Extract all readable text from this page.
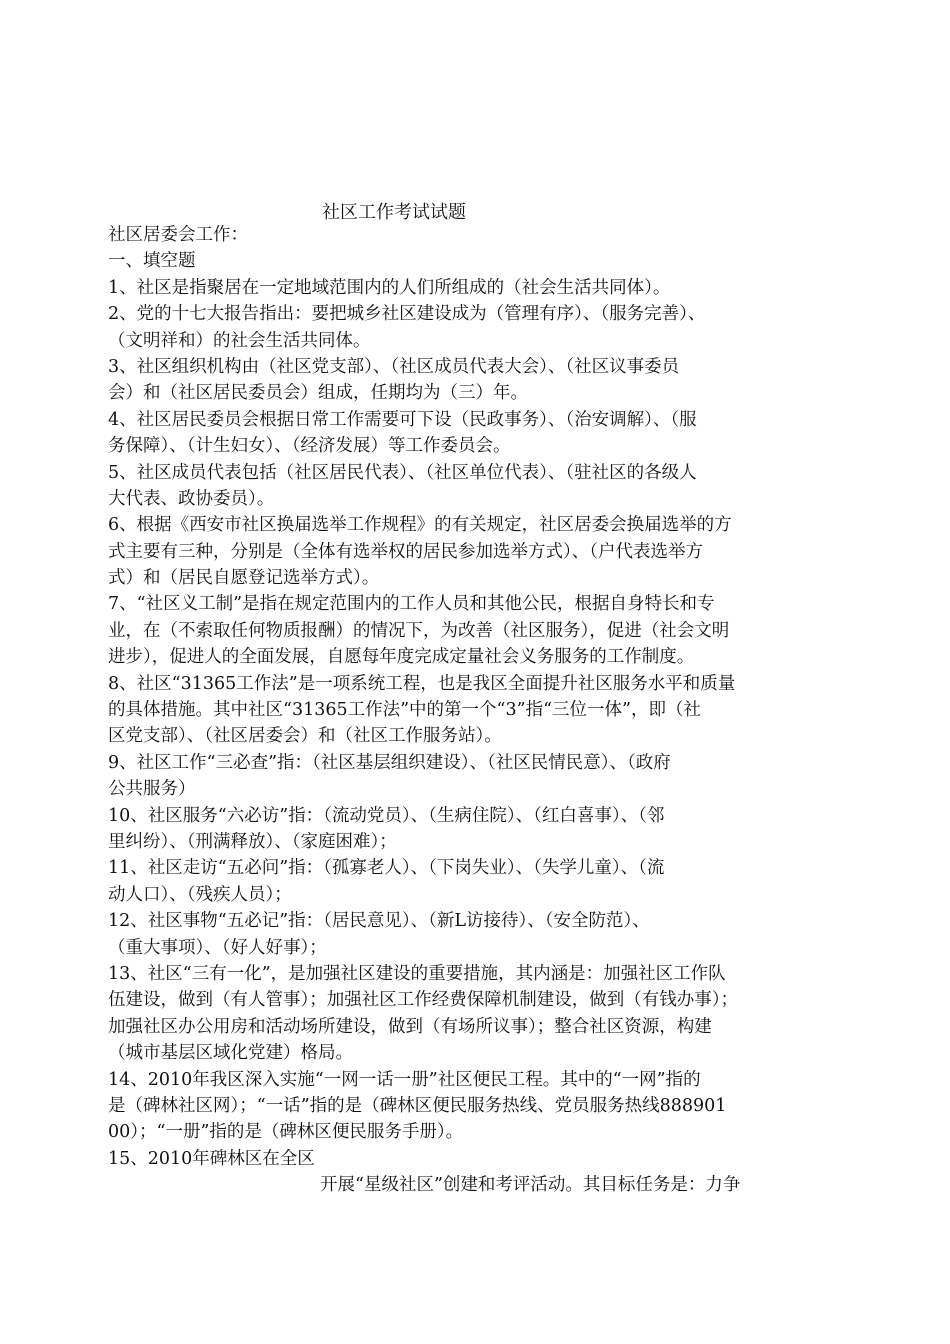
社区工作考试试题
社区居委会工作：
一、填空题
1、社区是指聚居在一定地域范围内的人们所组成的（社会生活共同体）。
2、党的十七大报告指出：要把城乡社区建设成为（管理有序）、（服务完善）、
（文明祥和）的社会生活共同体。
3、社区组织机构由（社区党支部）、（社区成员代表大会）、（社区议事委员
会）和（社区居民委员会）组成，任期均为（三）年。
4、社区居民委员会根据日常工作需要可下设（民政事务）、（治安调解）、（服
务保障）、（计生妇女）、（经济发展）等工作委员会。
5、社区成员代表包括（社区居民代表）、（社区单位代表）、（驻社区的各级人
大代表、政协委员）。
6、根据《西安市社区换届选举工作规程》的有关规定，社区居委会换届选举的方
式主要有三种，分别是（全体有选举权的居民参加选举方式）、（户代表选举方
式）和（居民自愿登记选举方式）。
7、“社区义工制”是指在规定范围内的工作人员和其他公民，根据自身特长和专
业，在（不索取任何物质报酬）的情况下，为改善（社区服务），促进（社会文明
进步），促进人的全面发展，自愿每年度完成定量社会义务服务的工作制度。
8、社区“31365工作法”是一项系统工程，也是我区全面提升社区服务水平和质量
的具体措施。其中社区“31365工作法”中的第一个“3”指“三位一体”，即（社
区党支部）、（社区居委会）和（社区工作服务站）。
9、社区工作“三必查”指：（社区基层组织建设）、（社区民情民意）、（政府
公共服务）
10、社区服务“六必访”指：（流动党员）、（生病住院）、（红白喜事）、（邻
里纠纷）、（刑满释放）、（家庭困难）；
11、社区走访“五必问”指：（孤寡老人）、（下岗失业）、（失学儿童）、（流
动人口）、（残疾人员）；
12、社区事物“五必记”指：（居民意见）、（新L访接待）、（安全防范）、
（重大事项）、（好人好事）；
13、社区“三有一化”，是加强社区建设的重要措施，其内涵是：加强社区工作队
伍建设，做到（有人管事）；加强社区工作经费保障机制建设，做到（有钱办事）；
加强社区办公用房和活动场所建设，做到（有场所议事）；整合社区资源，构建
（城市基层区域化党建）格局。
14、2010年我区深入实施“一网一话一册”社区便民工程。其中的“一网”指的
是（碑林社区网）；“一话”指的是（碑林区便民服务热线、党员服务热线888901
00）；“一册”指的是（碑林区便民服务手册）。
15、2010年碑林区在全区
开展“星级社区”创建和考评活动。其目标任务是：力争
